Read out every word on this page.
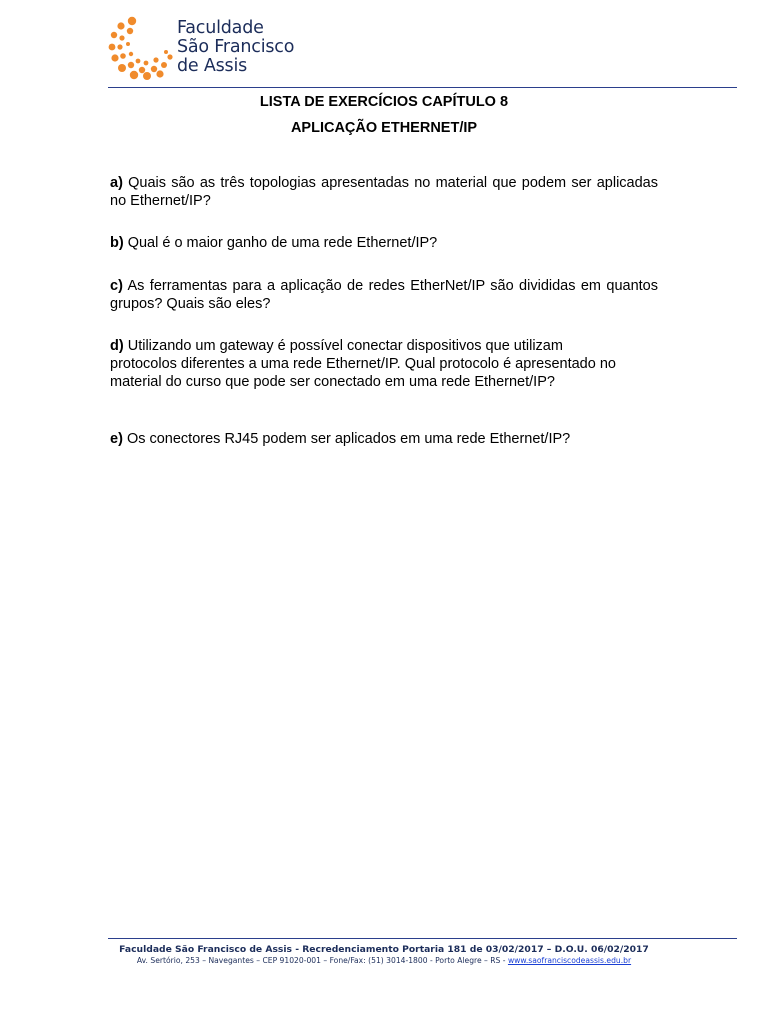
Faculdade
São Francisco
de Assis
LISTA DE EXERCÍCIOS CAPÍTULO 8
APLICAÇÃO ETHERNET/IP
a) Quais são as três topologias apresentadas no material que podem ser aplicadas no Ethernet/IP?
b) Qual é o maior ganho de uma rede Ethernet/IP?
c) As ferramentas para a aplicação de redes EtherNet/IP são divididas em quantos grupos? Quais são eles?
d) Utilizando um gateway é possível conectar dispositivos que utilizam
protocolos diferentes a uma rede Ethernet/IP. Qual protocolo é apresentado no
material do curso que pode ser conectado em uma rede Ethernet/IP?
e) Os conectores RJ45 podem ser aplicados em uma rede Ethernet/IP?
Faculdade São Francisco de Assis - Recredenciamento Portaria 181 de 03/02/2017 – D.O.U. 06/02/2017
Av. Sertório, 253 – Navegantes – CEP 91020-001 – Fone/Fax: (51) 3014-1800 - Porto Alegre – RS - www.saofranciscodeassis.edu.br
